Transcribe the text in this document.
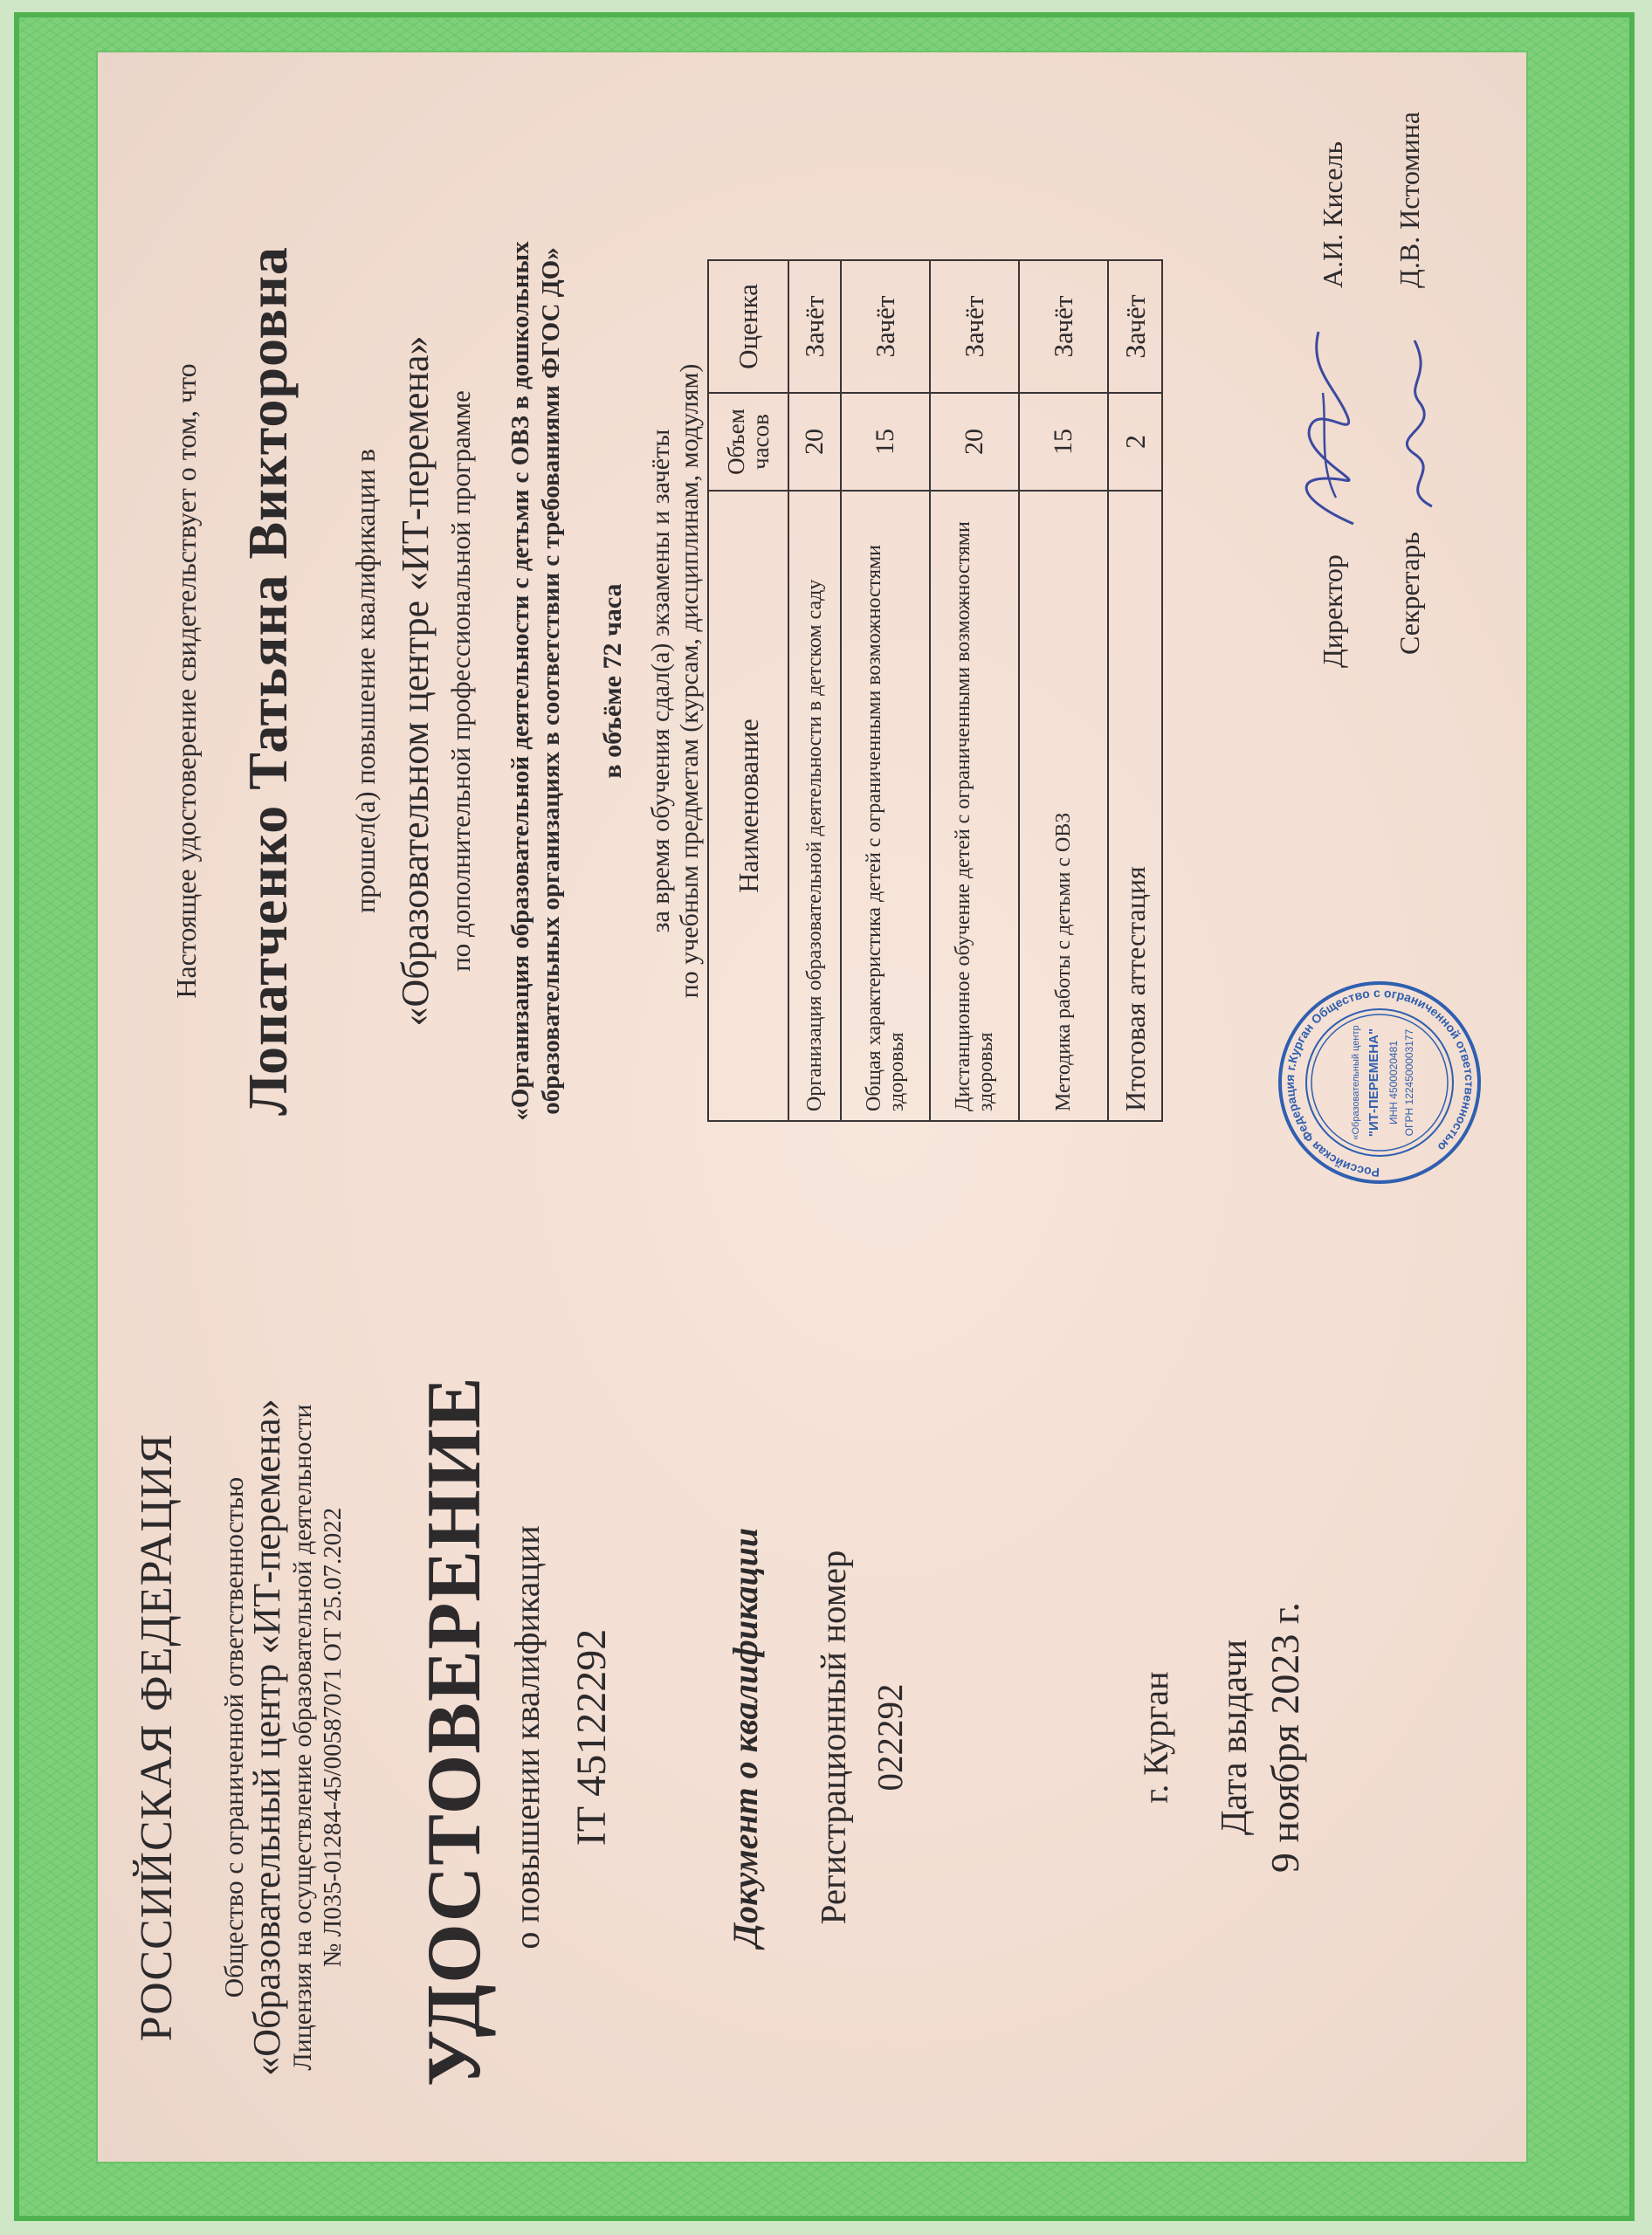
РОССИЙСКАЯ ФЕДЕРАЦИЯ Общество с ограниченной ответственностью
«Образовательный центр «ИТ-перемена» Лицензия на осуществление образовательной деятельности № Л035-01284-45/00587071 ОТ 25.07.2022 УДОСТОВЕРЕНИЕ о повышении квалификации IT 45122292	Документ о квалификации Регистрационный номер 022292	г. Курган Дата выдачи 9 ноября 2023 г.
Настоящее удостоверение свидетельствует о том, что Лопатченко Татьяна Викторовна прошел(а) повышение квалификации в «Образовательном центре «ИТ-перемена» по дополнительной профессиональной программе «Организация образовательной деятельности с детьми с ОВЗ в дошкольных образовательных организациях в соответствии с требованиями ФГОС ДО» в объёме 72 часа за время обучения сдал(а) экзамены и зачёты по учебным предметам (курсам, дисциплинам, модулям) Наименование	Объем часов	Оценка
Организация образовательной деятельности в детском саду	20	Зачёт
Общая характеристика детей с ограниченными возможностями здоровья	15	Зачёт
Дистанционное обучение детей с ограниченными возможностями здоровья	20	Зачёт
Методика работы с детьми с ОВЗ	15	Зачёт
Итоговая аттестация	2	Зачёт
Российская Федерация г.Курган Общество с ограниченной ответственностью
«Образовательный центр "ИТ-ПЕРЕМЕНА" ИНН 4500020481 ОГРН 1224500003177
Директор
А.И. Кисель
Секретарь
Д.В. Истомина
